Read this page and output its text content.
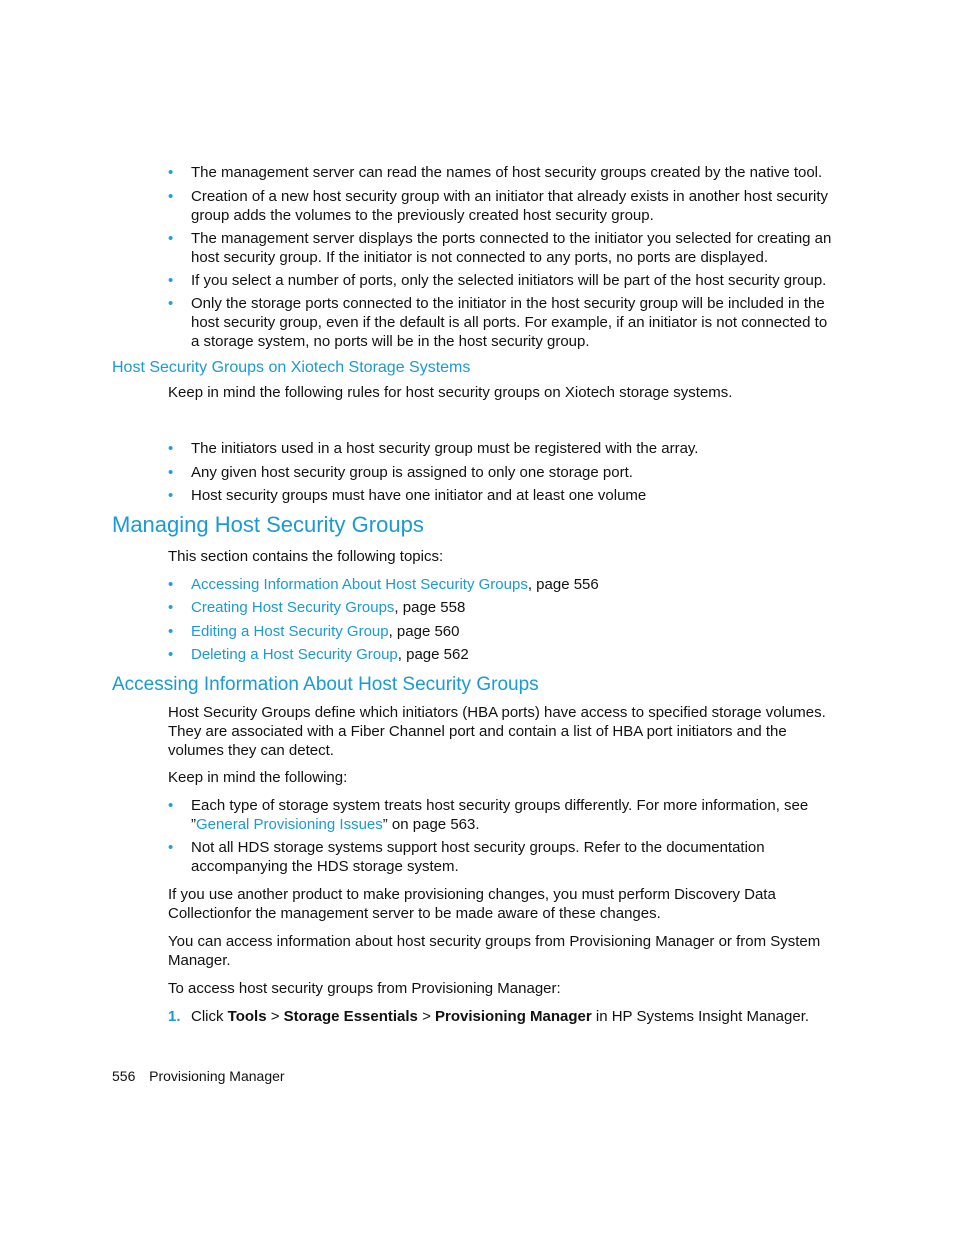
• The management server can read the names of host security groups created by the native tool.
• Creation of a new host security group with an initiator that already exists in another host security group adds the volumes to the previously created host security group.
• The management server displays the ports connected to the initiator you selected for creating an host security group. If the initiator is not connected to any ports, no ports are displayed.
• If you select a number of ports, only the selected initiators will be part of the host security group.
• Only the storage ports connected to the initiator in the host security group will be included in the host security group, even if the default is all ports. For example, if an initiator is not connected to a storage system, no ports will be in the host security group.
Host Security Groups on Xiotech Storage Systems
Keep in mind the following rules for host security groups on Xiotech storage systems.
• The initiators used in a host security group must be registered with the array.
• Any given host security group is assigned to only one storage port.
• Host security groups must have one initiator and at least one volume
Managing Host Security Groups
This section contains the following topics:
• Accessing Information About Host Security Groups, page 556
• Creating Host Security Groups, page 558
• Editing a Host Security Group, page 560
• Deleting a Host Security Group, page 562
Accessing Information About Host Security Groups
Host Security Groups define which initiators (HBA ports) have access to specified storage volumes. They are associated with a Fiber Channel port and contain a list of HBA port initiators and the volumes they can detect.
Keep in mind the following:
• Each type of storage system treats host security groups differently. For more information, see ”General Provisioning Issues” on page 563.
• Not all HDS storage systems support host security groups. Refer to the documentation accompanying the HDS storage system.
If you use another product to make provisioning changes, you must perform Discovery Data Collectionfor the management server to be made aware of these changes.
You can access information about host security groups from Provisioning Manager or from System Manager.
To access host security groups from Provisioning Manager:
1. Click Tools > Storage Essentials > Provisioning Manager in HP Systems Insight Manager.
556 Provisioning Manager
